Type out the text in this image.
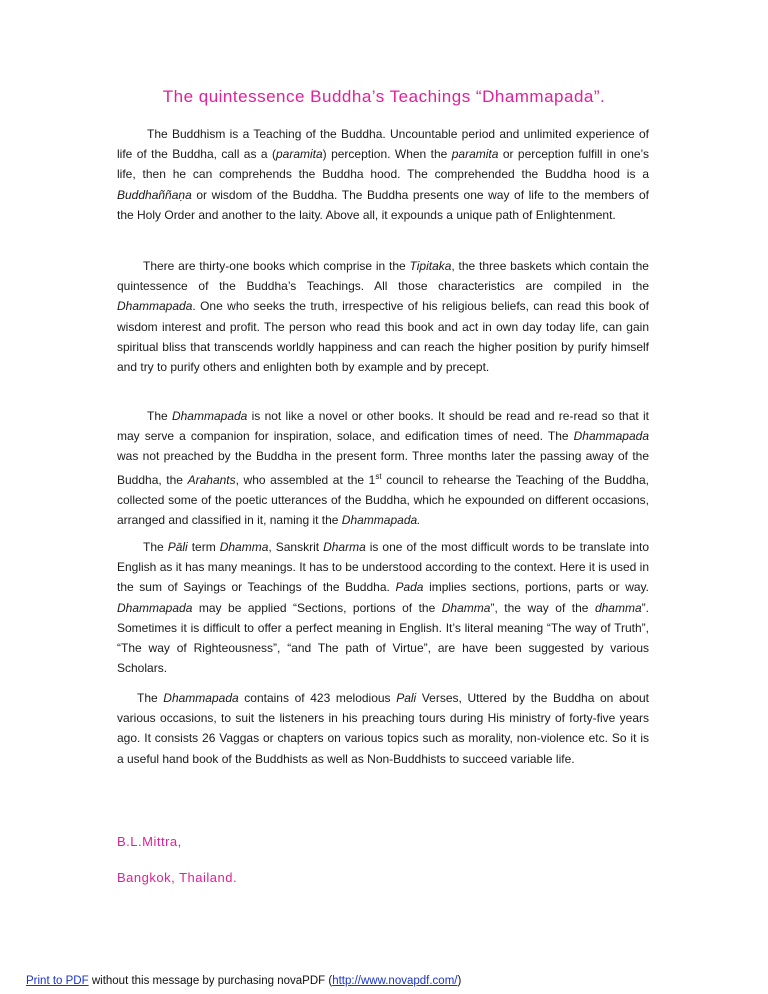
The quintessence Buddha’s Teachings “Dhammapada”.

The Buddhism is a Teaching of the Buddha. Uncountable period and unlimited experience of life of the Buddha, call as a (paramita) perception. When the paramita or perception fulfill in one’s life, then he can comprehends the Buddha hood. The comprehended the Buddha hood is a Buddhaññaṇa or wisdom of the Buddha. The Buddha presents one way of life to the members of the Holy Order and another to the laity. Above all, it expounds a unique path of Enlightenment.

There are thirty-one books which comprise in the Tipitaka, the three baskets which contain the quintessence of the Buddha’s Teachings. All those characteristics are compiled in the Dhammapada. One who seeks the truth, irrespective of his religious beliefs, can read this book of wisdom interest and profit. The person who read this book and act in own day today life, can gain spiritual bliss that transcends worldly happiness and can reach the higher position by purify himself and try to purify others and enlighten both by example and by precept.

The Dhammapada is not like a novel or other books. It should be read and re-read so that it may serve a companion for inspiration, solace, and edification times of need. The Dhammapada was not preached by the Buddha in the present form. Three months later the passing away of the Buddha, the Arahants, who assembled at the 1st council to rehearse the Teaching of the Buddha, collected some of the poetic utterances of the Buddha, which he expounded on different occasions, arranged and classified in it, naming it the Dhammapada.

The Pāli term Dhamma, Sanskrit Dharma is one of the most difficult words to be translate into English as it has many meanings. It has to be understood according to the context. Here it is used in the sum of Sayings or Teachings of the Buddha. Pada implies sections, portions, parts or way. Dhammapada may be applied “Sections, portions of the Dhamma”, the way of the dhamma”. Sometimes it is difficult to offer a perfect meaning in English. It’s literal meaning “The way of Truth”, “The way of Righteousness”, “and The path of Virtue”, are have been suggested by various Scholars.

The Dhammapada contains of 423 melodious Pali Verses, Uttered by the Buddha on about various occasions, to suit the listeners in his preaching tours during His ministry of forty-five years ago. It consists 26 Vaggas or chapters on various topics such as morality, non-violence etc. So it is a useful hand book of the Buddhists as well as Non-Buddhists to succeed variable life.

B.L.Mittra,
Bangkok, Thailand.
Print to PDF without this message by purchasing novaPDF (http://www.novapdf.com/)
